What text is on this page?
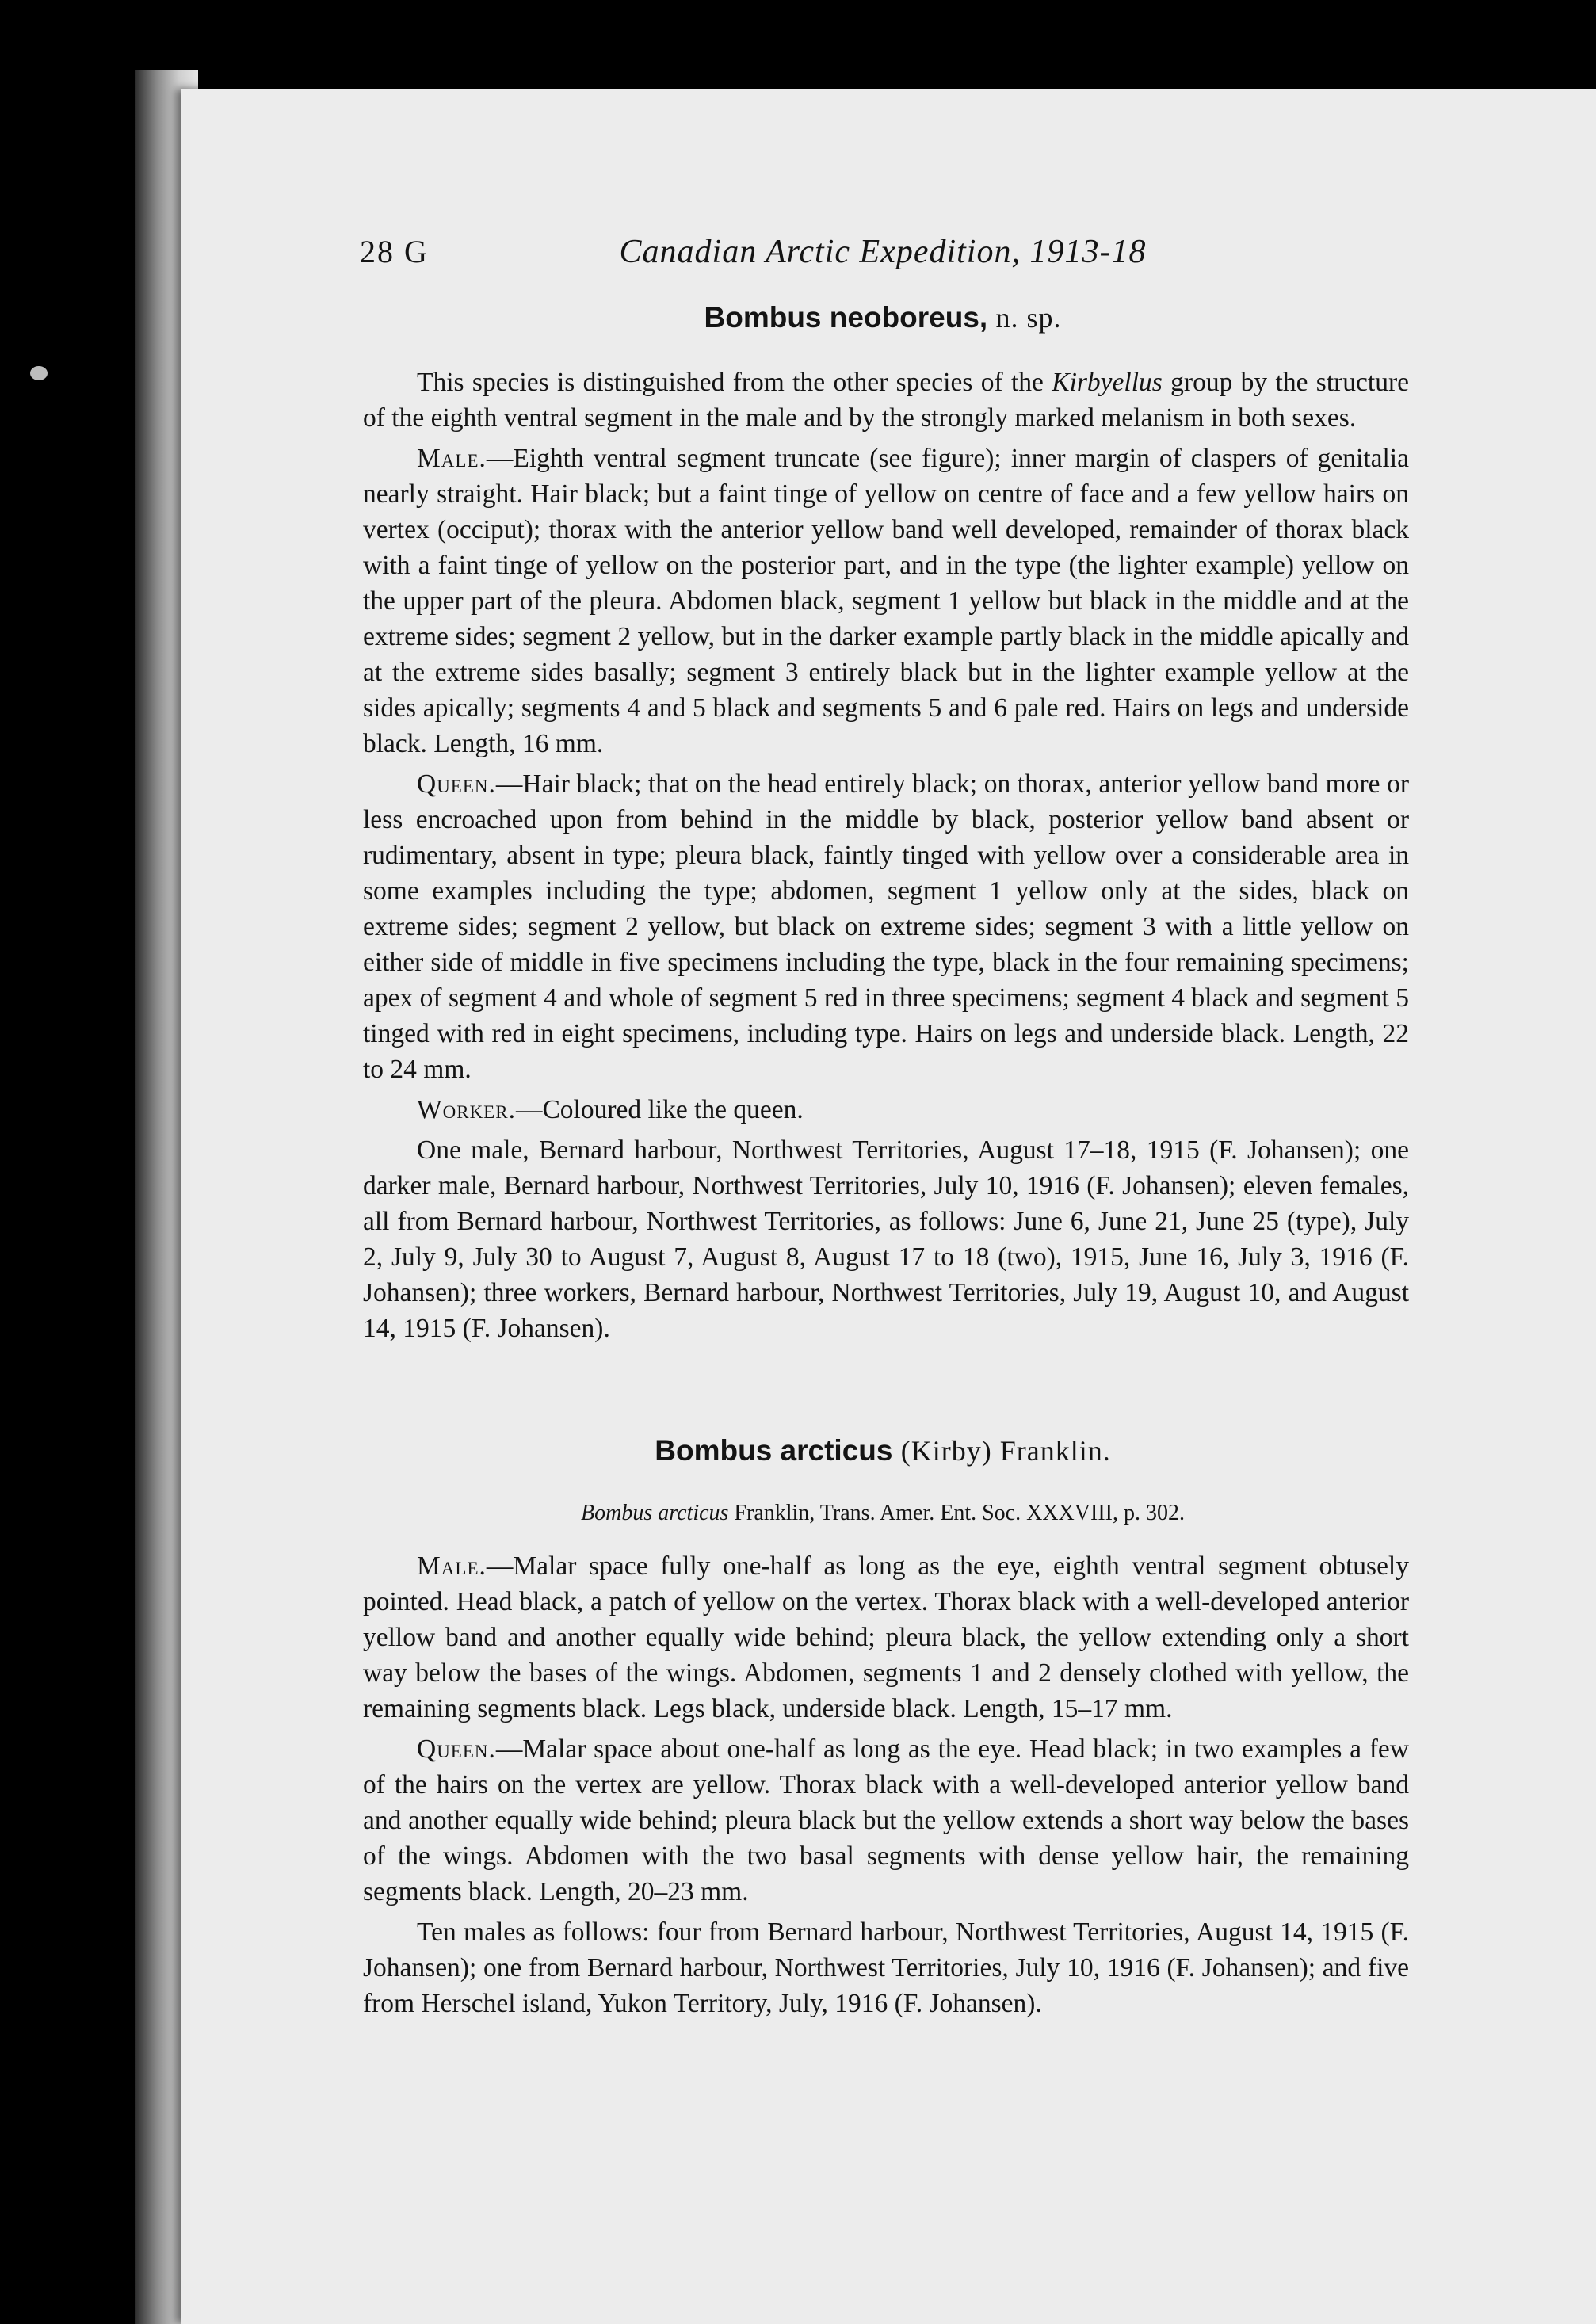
28 G	Canadian Arctic Expedition, 1913-18
Bombus neoboreus, n. sp.

This species is distinguished from the other species of the Kirbyellus group by the structure of the eighth ventral segment in the male and by the strongly marked melanism in both sexes.

Male.—Eighth ventral segment truncate (see figure); inner margin of claspers of genitalia nearly straight. Hair black; but a faint tinge of yellow on centre of face and a few yellow hairs on vertex (occiput); thorax with the anterior yellow band well developed, remainder of thorax black with a faint tinge of yellow on the posterior part, and in the type (the lighter example) yellow on the upper part of the pleura. Abdomen black, segment 1 yellow but black in the middle and at the extreme sides; segment 2 yellow, but in the darker example partly black in the middle apically and at the extreme sides basally; segment 3 entirely black but in the lighter example yellow at the sides apically; segments 4 and 5 black and segments 5 and 6 pale red. Hairs on legs and underside black. Length, 16 mm.

Queen.—Hair black; that on the head entirely black; on thorax, anterior yellow band more or less encroached upon from behind in the middle by black, posterior yellow band absent or rudimentary, absent in type; pleura black, faintly tinged with yellow over a considerable area in some examples including the type; abdomen, segment 1 yellow only at the sides, black on extreme sides; segment 2 yellow, but black on extreme sides; segment 3 with a little yellow on either side of middle in five specimens including the type, black in the four remaining specimens; apex of segment 4 and whole of segment 5 red in three specimens; segment 4 black and segment 5 tinged with red in eight specimens, including type. Hairs on legs and underside black. Length, 22 to 24 mm.

Worker.—Coloured like the queen.

One male, Bernard harbour, Northwest Territories, August 17–18, 1915 (F. Johansen); one darker male, Bernard harbour, Northwest Territories, July 10, 1916 (F. Johansen); eleven females, all from Bernard harbour, Northwest Territories, as follows: June 6, June 21, June 25 (type), July 2, July 9, July 30 to August 7, August 8, August 17 to 18 (two), 1915, June 16, July 3, 1916 (F. Johansen); three workers, Bernard harbour, Northwest Territories, July 19, August 10, and August 14, 1915 (F. Johansen).

Bombus arcticus (Kirby) Franklin.
Bombus arcticus Franklin, Trans. Amer. Ent. Soc. XXXVIII, p. 302.

Male.—Malar space fully one-half as long as the eye, eighth ventral segment obtusely pointed. Head black, a patch of yellow on the vertex. Thorax black with a well-developed anterior yellow band and another equally wide behind; pleura black, the yellow extending only a short way below the bases of the wings. Abdomen, segments 1 and 2 densely clothed with yellow, the remaining segments black. Legs black, underside black. Length, 15–17 mm.

Queen.—Malar space about one-half as long as the eye. Head black; in two examples a few of the hairs on the vertex are yellow. Thorax black with a well-developed anterior yellow band and another equally wide behind; pleura black but the yellow extends a short way below the bases of the wings. Abdomen with the two basal segments with dense yellow hair, the remaining segments black. Length, 20–23 mm.

Ten males as follows: four from Bernard harbour, Northwest Territories, August 14, 1915 (F. Johansen); one from Bernard harbour, Northwest Territories, July 10, 1916 (F. Johansen); and five from Herschel island, Yukon Territory, July, 1916 (F. Johansen).
